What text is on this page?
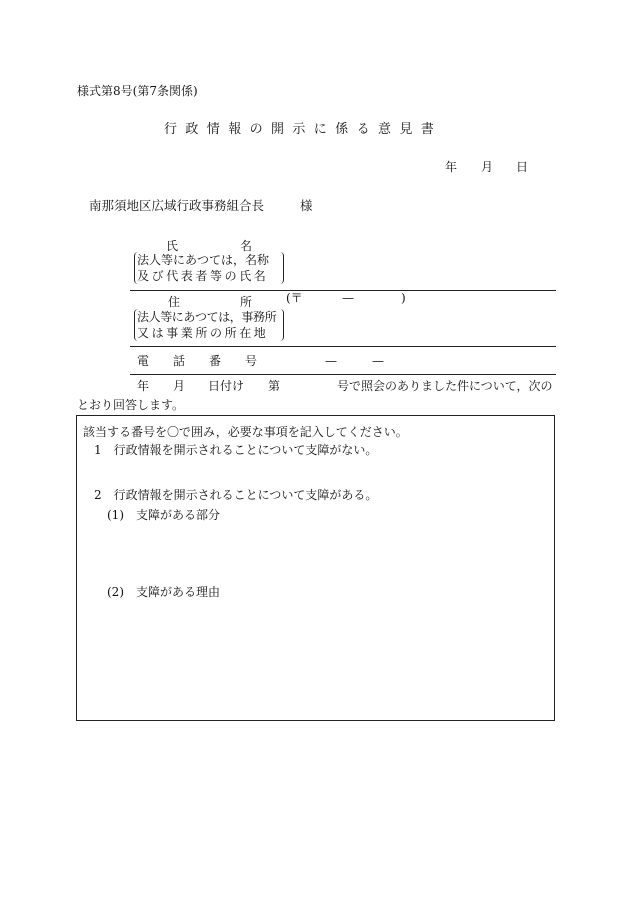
様式第8号(第7条関係)
行政情報の開示に係る意見書
年 月 日
南那須地区広域行政事務組合長	様
氏	名
法人等にあつては，名称
及び代表者等の氏名
住	所	(〒	—	)
法人等にあつては，事務所
又は事業所の所在地
電　　話　　番　　号	—	—
年 月 日付け 第	号で照会のありました件について，次の
とおり回答します。
該当する番号を〇で囲み，必要な事項を記入してください。
1　行政情報を開示されることについて支障がない。
2　行政情報を開示されることについて支障がある。
(1)　支障がある部分
(2)　支障がある理由
